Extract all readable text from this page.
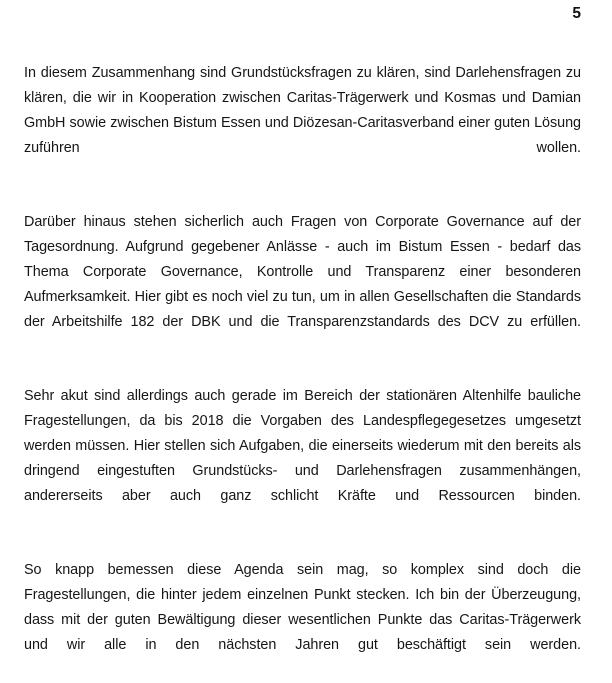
5

In diesem Zusammenhang sind Grundstücksfragen zu klären, sind Darlehensfragen zu klären, die wir in Kooperation zwischen Caritas-Trägerwerk und Kosmas und Damian GmbH sowie zwischen Bistum Essen und Diözesan-Caritasverband einer guten Lösung zuführen wollen.

Darüber hinaus stehen sicherlich auch Fragen von Corporate Governance auf der Tagesordnung. Aufgrund gegebener Anlässe - auch im Bistum Essen - bedarf das Thema Corporate Governance, Kontrolle und Transparenz einer besonderen Aufmerksamkeit. Hier gibt es noch viel zu tun, um in allen Gesellschaften die Standards der Arbeitshilfe 182 der DBK und die Transparenzstandards des DCV zu erfüllen.

Sehr akut sind allerdings auch gerade im Bereich der stationären Altenhilfe bauliche Fragestellungen, da bis 2018 die Vorgaben des Landespflegegesetzes umgesetzt werden müssen. Hier stellen sich Aufgaben, die einerseits wiederum mit den bereits als dringend eingestuften Grundstücks- und Darlehensfragen zusammenhängen, andererseits aber auch ganz schlicht Kräfte und Ressourcen binden.

So knapp bemessen diese Agenda sein mag, so komplex sind doch die Fragestellungen, die hinter jedem einzelnen Punkt stecken. Ich bin der Überzeugung, dass mit der guten Bewältigung dieser wesentlichen Punkte das Caritas-Trägerwerk und wir alle in den nächsten Jahren gut beschäftigt sein werden.
